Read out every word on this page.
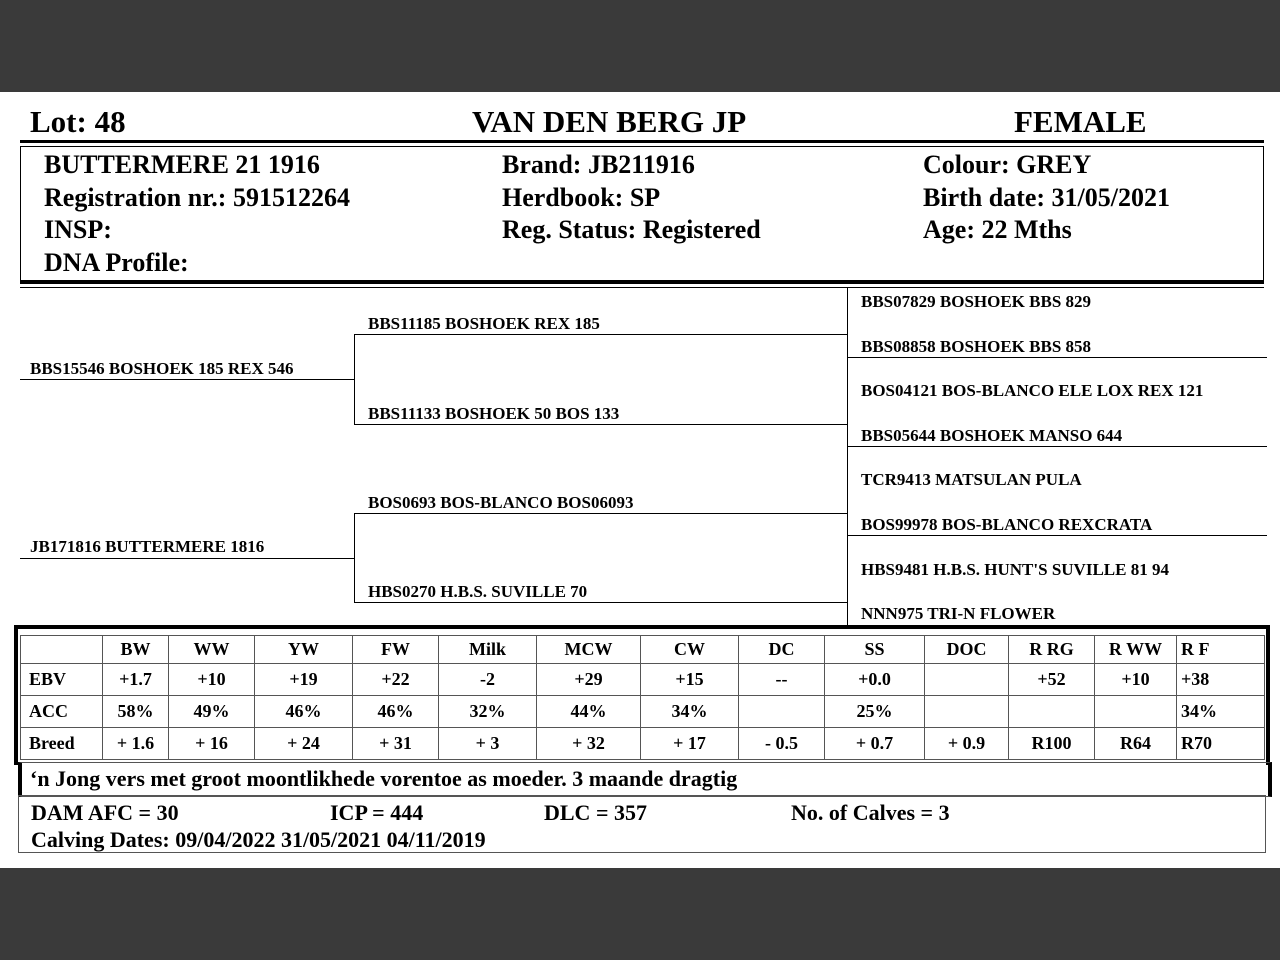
Lot: 48	VAN DEN BERG JP	FEMALE
BUTTERMERE 21 1916
Registration nr.: 591512264
INSP:
DNA Profile:
Brand: JB211916
Herdbook: SP
Reg. Status: Registered
Colour: GREY
Birth date: 31/05/2021
Age: 22 Mths
BBS15546 BOSHOEK 185 REX 546
JB171816 BUTTERMERE 1816
BBS11185 BOSHOEK REX 185
BBS11133 BOSHOEK 50 BOS 133
BOS0693 BOS-BLANCO BOS06093
HBS0270 H.B.S. SUVILLE 70
BBS07829 BOSHOEK BBS 829
BBS08858 BOSHOEK BBS 858
BOS04121 BOS-BLANCO ELE LOX REX 121
BBS05644 BOSHOEK MANSO 644
TCR9413 MATSULAN PULA
BOS99978 BOS-BLANCO REXCRATA
HBS9481 H.B.S. HUNT'S SUVILLE 81 94
NNN975 TRI-N FLOWER
	BW	WW	YW	FW	Milk	MCW	CW	DC	SS	DOC	R RG	R WW	R F
EBV	+1.7	+10	+19	+22	-2	+29	+15	--	+0.0		+52	+10	+38
ACC	58%	49%	46%	46%	32%	44%	34%		25%				34%
Breed	+ 1.6	+ 16	+ 24	+ 31	+ 3	+ 32	+ 17	- 0.5	+ 0.7	+ 0.9	R100	R64	R70
‘n Jong vers met groot moontlikhede vorentoe as moeder. 3 maande dragtig
DAM AFC = 30	ICP = 444	DLC = 357	No. of Calves = 3
Calving Dates: 09/04/2022 31/05/2021 04/11/2019
